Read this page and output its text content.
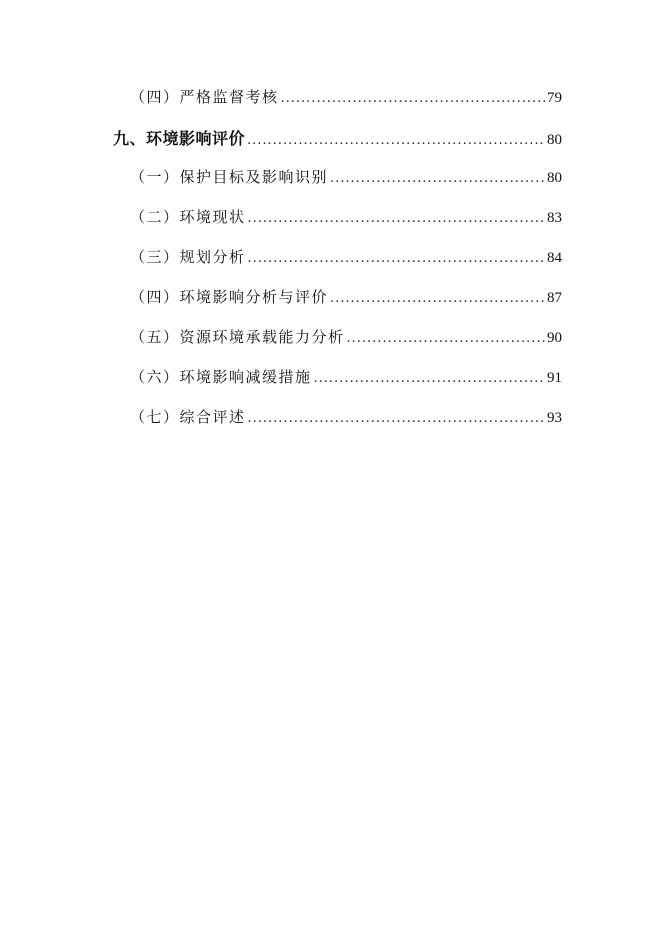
（四）严格监督考核 .....	79
九、环境影响评价 .....	80
（一）保护目标及影响识别 .....	80
（二）环境现状 .....	83
（三）规划分析 .....	84
（四）环境影响分析与评价 .....	87
（五）资源环境承载能力分析 .....	90
（六）环境影响减缓措施 .....	91
（七）综合评述 .....	93
